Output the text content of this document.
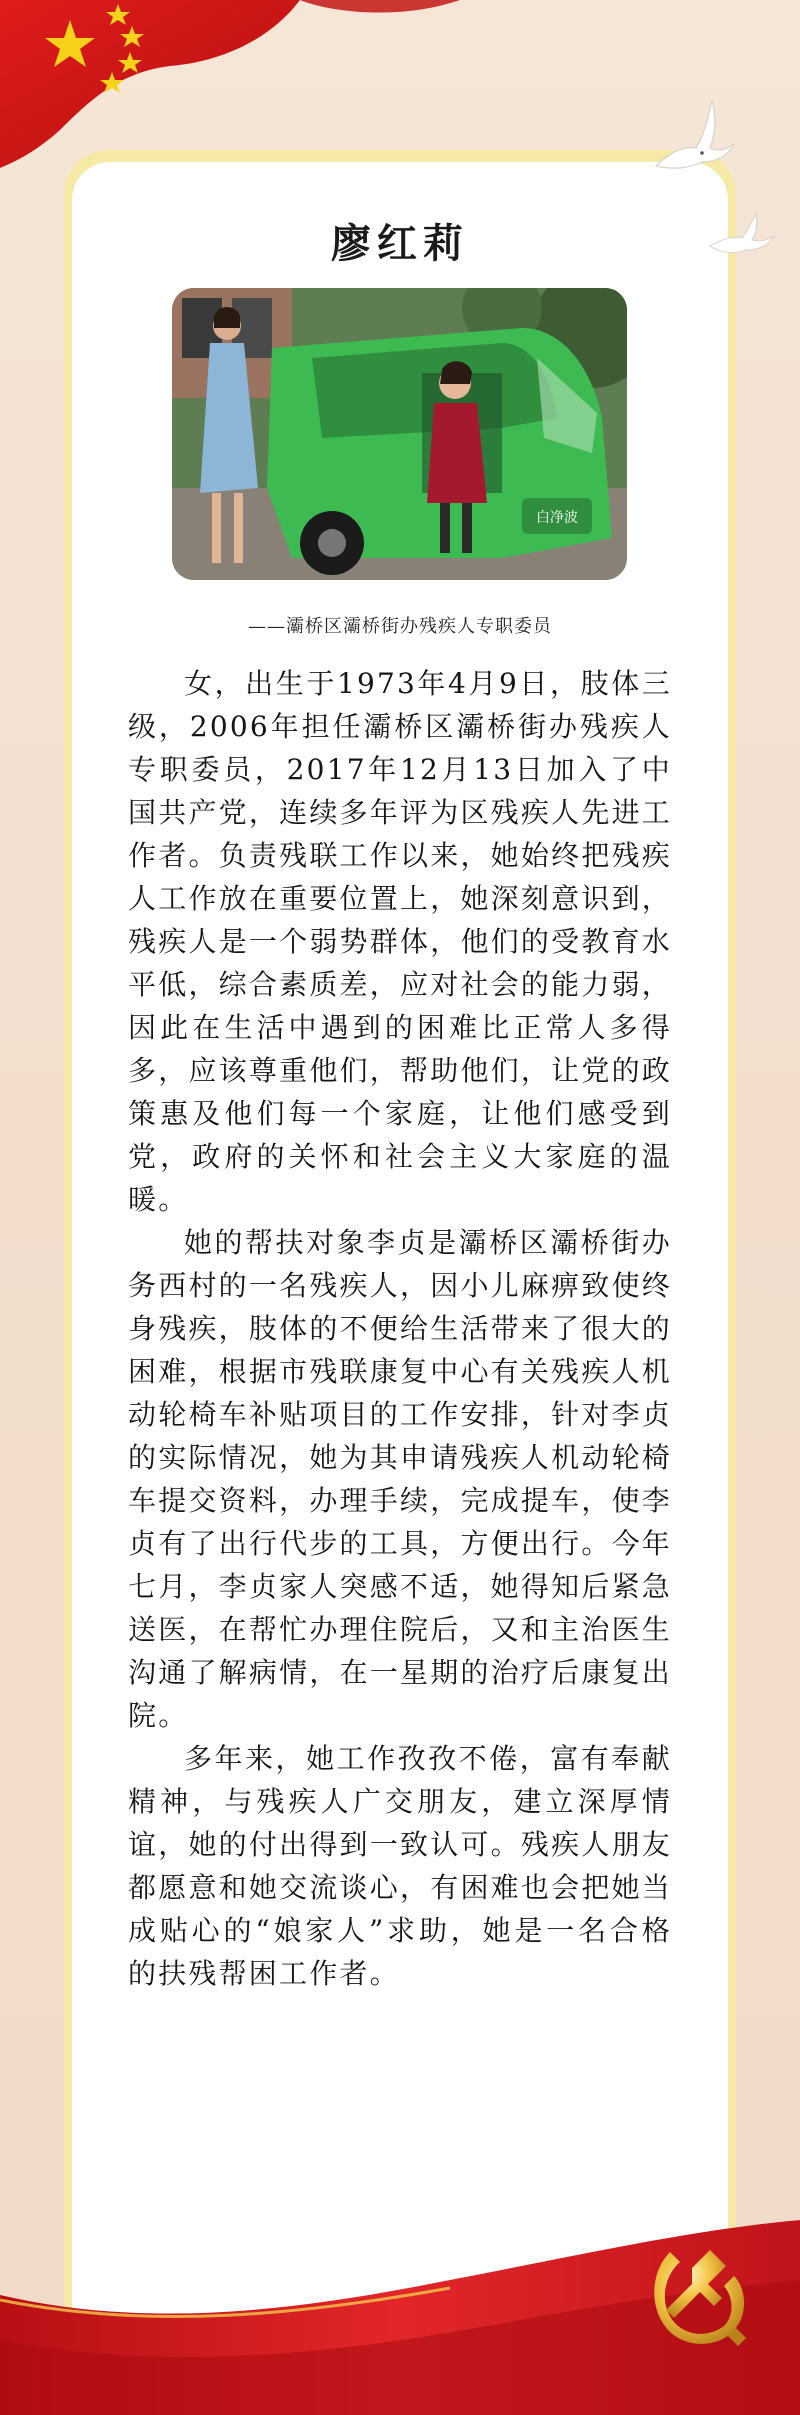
廖红莉
白净波
——灞桥区灞桥街办残疾人专职委员

女，出生于1973年4月9日，肢体三级，2006年担任灞桥区灞桥街办残疾人专职委员，2017年12月13日加入了中国共产党，连续多年评为区残疾人先进工作者。负责残联工作以来，她始终把残疾人工作放在重要位置上，她深刻意识到，残疾人是一个弱势群体，他们的受教育水平低，综合素质差，应对社会的能力弱，因此在生活中遇到的困难比正常人多得多，应该尊重他们，帮助他们，让党的政策惠及他们每一个家庭，让他们感受到党，政府的关怀和社会主义大家庭的温暖。

她的帮扶对象李贞是灞桥区灞桥街办务西村的一名残疾人，因小儿麻痹致使终身残疾，肢体的不便给生活带来了很大的困难，根据市残联康复中心有关残疾人机动轮椅车补贴项目的工作安排，针对李贞的实际情况，她为其申请残疾人机动轮椅车提交资料，办理手续，完成提车，使李贞有了出行代步的工具，方便出行。今年七月，李贞家人突感不适，她得知后紧急送医，在帮忙办理住院后，又和主治医生沟通了解病情，在一星期的治疗后康复出院。

多年来，她工作孜孜不倦，富有奉献精神，与残疾人广交朋友，建立深厚情谊，她的付出得到一致认可。残疾人朋友都愿意和她交流谈心，有困难也会把她当成贴心的“娘家人”求助，她是一名合格的扶残帮困工作者。
